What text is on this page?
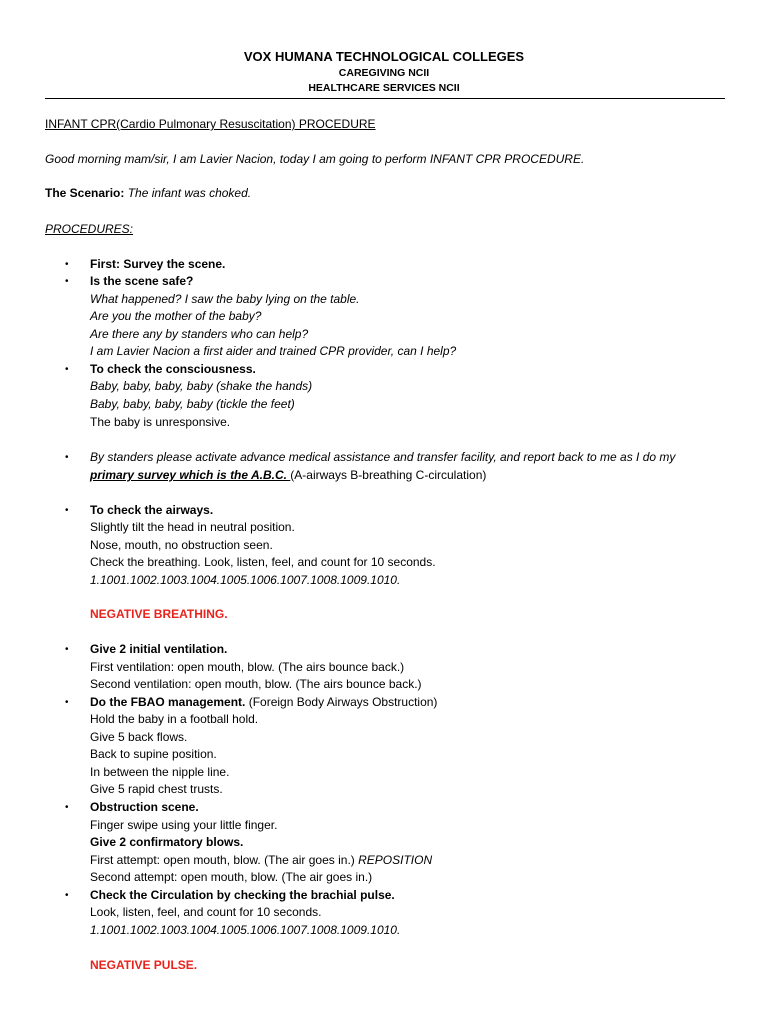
VOX HUMANA TECHNOLOGICAL COLLEGES
CAREGIVING NCII
HEALTHCARE SERVICES NCII
INFANT CPR(Cardio Pulmonary Resuscitation) PROCEDURE
Good morning mam/sir, I am Lavier Nacion, today I am going to perform INFANT CPR PROCEDURE.
The Scenario: The infant was choked.
PROCEDURES:
• First: Survey the scene.
• Is the scene safe?
What happened? I saw the baby lying on the table.
Are you the mother of the baby?
Are there any by standers who can help?
I am Lavier Nacion a first aider and trained CPR provider, can I help?
• To check the consciousness.
Baby, baby, baby, baby (shake the hands)
Baby, baby, baby, baby (tickle the feet)
The baby is unresponsive.
• By standers please activate advance medical assistance and transfer facility, and report back to me as I do my
primary survey which is the A.B.C. (A-airways B-breathing C-circulation)
• To check the airways.
Slightly tilt the head in neutral position.
Nose, mouth, no obstruction seen.
Check the breathing. Look, listen, feel, and count for 10 seconds.
1.1001.1002.1003.1004.1005.1006.1007.1008.1009.1010.
NEGATIVE BREATHING.
• Give 2 initial ventilation.
First ventilation: open mouth, blow. (The airs bounce back.)
Second ventilation: open mouth, blow. (The airs bounce back.)
• Do the FBAO management. (Foreign Body Airways Obstruction)
Hold the baby in a football hold.
Give 5 back flows.
Back to supine position.
In between the nipple line.
Give 5 rapid chest trusts.
• Obstruction scene.
Finger swipe using your little finger.
Give 2 confirmatory blows.
First attempt: open mouth, blow. (The air goes in.) REPOSITION
Second attempt: open mouth, blow. (The air goes in.)
• Check the Circulation by checking the brachial pulse.
Look, listen, feel, and count for 10 seconds.
1.1001.1002.1003.1004.1005.1006.1007.1008.1009.1010.
NEGATIVE PULSE.
